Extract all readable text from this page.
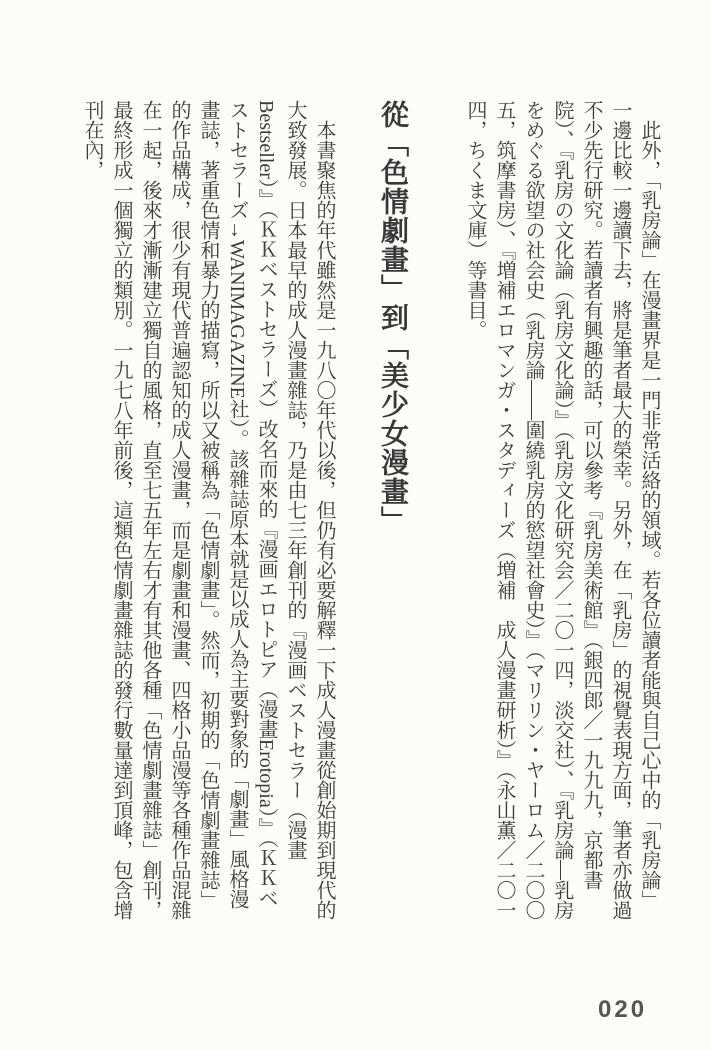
此外，「乳房論」在漫畫界是一門非常活絡的領域。若各位讀者能與自己心中的「乳房論」一邊比較一邊讀下去，將是筆者最大的榮幸。另外，在「乳房」的視覺表現方面，筆者亦做過不少先行研究。若讀者有興趣的話，可以參考『乳房美術館』（銀四郎／一九九九，京都書院）、『乳房の文化論（乳房文化論）』（乳房文化研究会／二〇一四，淡交社）、『乳房論―乳房をめぐる欲望の社会史（乳房論――圍繞乳房的慾望社會史）』（マリリン・ヤーロム／二〇〇五，筑摩書房）、『増補エロマンガ・スタディーズ（増補　成人漫畫研析）』（永山薫／二〇一四，ちくま文庫）等書目。

從「色情劇畫」到「美少女漫畫」

本書聚焦的年代雖然是一九八〇年代以後，但仍有必要解釋一下成人漫畫從創始期到現代的大致發展。日本最早的成人漫畫雜誌，乃是由七三年創刊的『漫画ベストセラー（漫畫Bestseller）』（ＫＫベストセラーズ）改名而來的『漫画エロトピア（漫畫Erotopia）』（ＫＫベストセラーズ→WANIMAGAZINE社）。該雜誌原本就是以成人為主要對象的「劇畫」風格漫畫誌，著重色情和暴力的描寫，所以又被稱為「色情劇畫」。然而，初期的「色情劇畫雜誌」的作品構成，很少有現代普遍認知的成人漫畫，而是劇畫和漫畫、四格小品漫等各種作品混雜在一起，後來才漸漸建立獨自的風格，直至七五年左右才有其他各種「色情劇畫雜誌」創刊，最終形成一個獨立的類別。一九七八年前後，這類色情劇畫雜誌的發行數量達到頂峰，包含增刊在內，

020
